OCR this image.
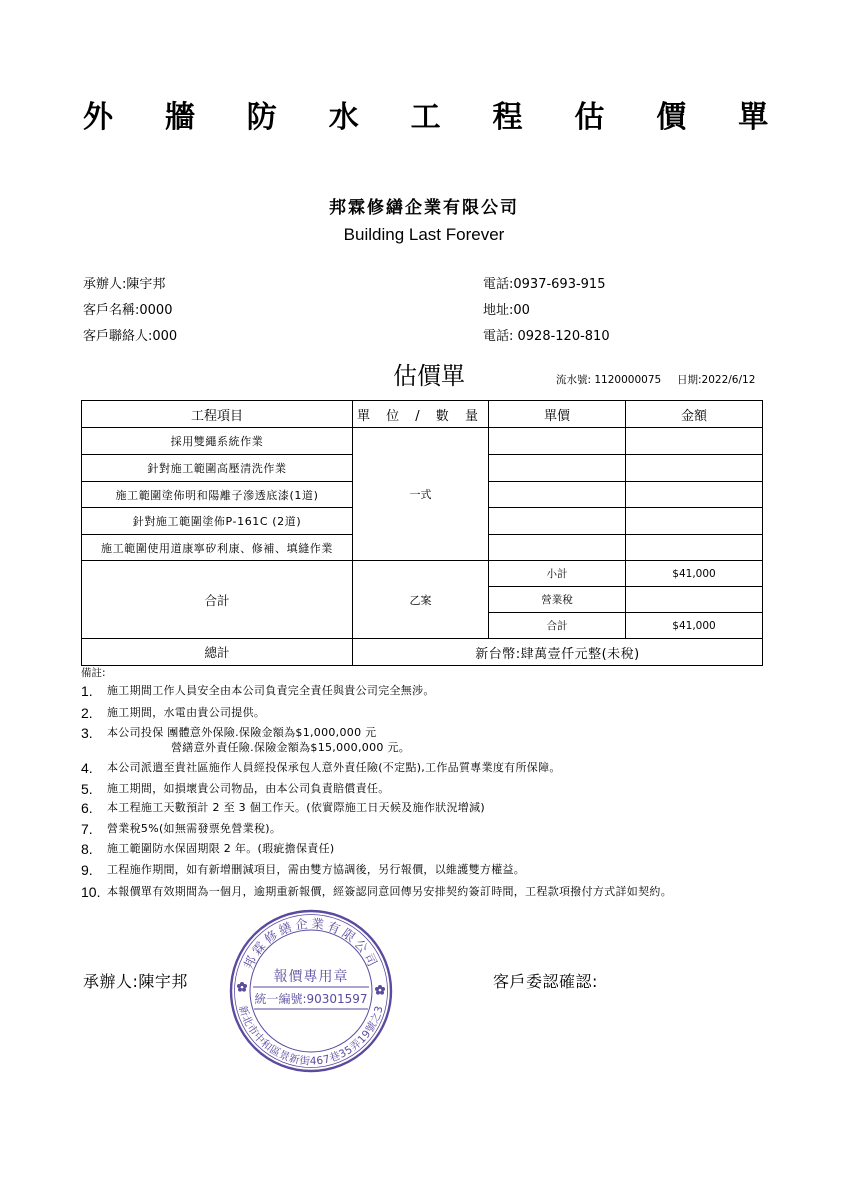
外牆防水工程估價單
邦霖修繕企業有限公司
Building Last Forever
承辦人:陳宇邦	電話:0937-693-915
客戶名稱:0000	地址:00
客戶聯絡人:000	電話: 0928-120-810
估價單	流水號: 1120000075 日期:2022/6/12
工程項目	單 位 / 數 量	單價	金額
採用雙繩系統作業	一式		
針對施工範圍高壓清洗作業			
施工範圍塗佈明和陽離子滲透底漆(1道)			
針對施工範圍塗佈P-161C (2道)			
施工範圍使用道康寧矽利康、修補、填縫作業			
合計	乙案	小計	$41,000
		營業稅	
		合計	$41,000
總計	新台幣:肆萬壹仟元整(未稅)		
備註:
1. 施工期間工作人員安全由本公司負責完全責任與貴公司完全無涉。
2. 施工期間，水電由貴公司提供。
3. 本公司投保 團體意外保險.保險金額為$1,000,000 元
營繕意外責任險.保險金額為$15,000,000 元。
4. 本公司派遣至貴社區施作人員經投保承包人意外責任險(不定點),工作品質專業度有所保障。
5. 施工期間，如損壞貴公司物品，由本公司負責賠償責任。
6. 本工程施工天數預計 2 至 3 個工作天。(依實際施工日天候及施作狀況增減)
7. 營業稅5%(如無需發票免營業稅)。
8. 施工範圍防水保固期限 2 年。(瑕疵擔保責任)
9. 工程施作期間，如有新增刪減項目，需由雙方協調後，另行報價，以維護雙方權益。
10. 本報價單有效期間為一個月，逾期重新報價，經簽認同意回傳另安排契約簽訂時間，工程款項撥付方式詳如契約。
承辦人:陳宇邦	客戶委認確認:
邦霖修繕企業有限公司
新北市中和區景新街467巷35弄19號之3
報價專用章
統一編號:90301597
